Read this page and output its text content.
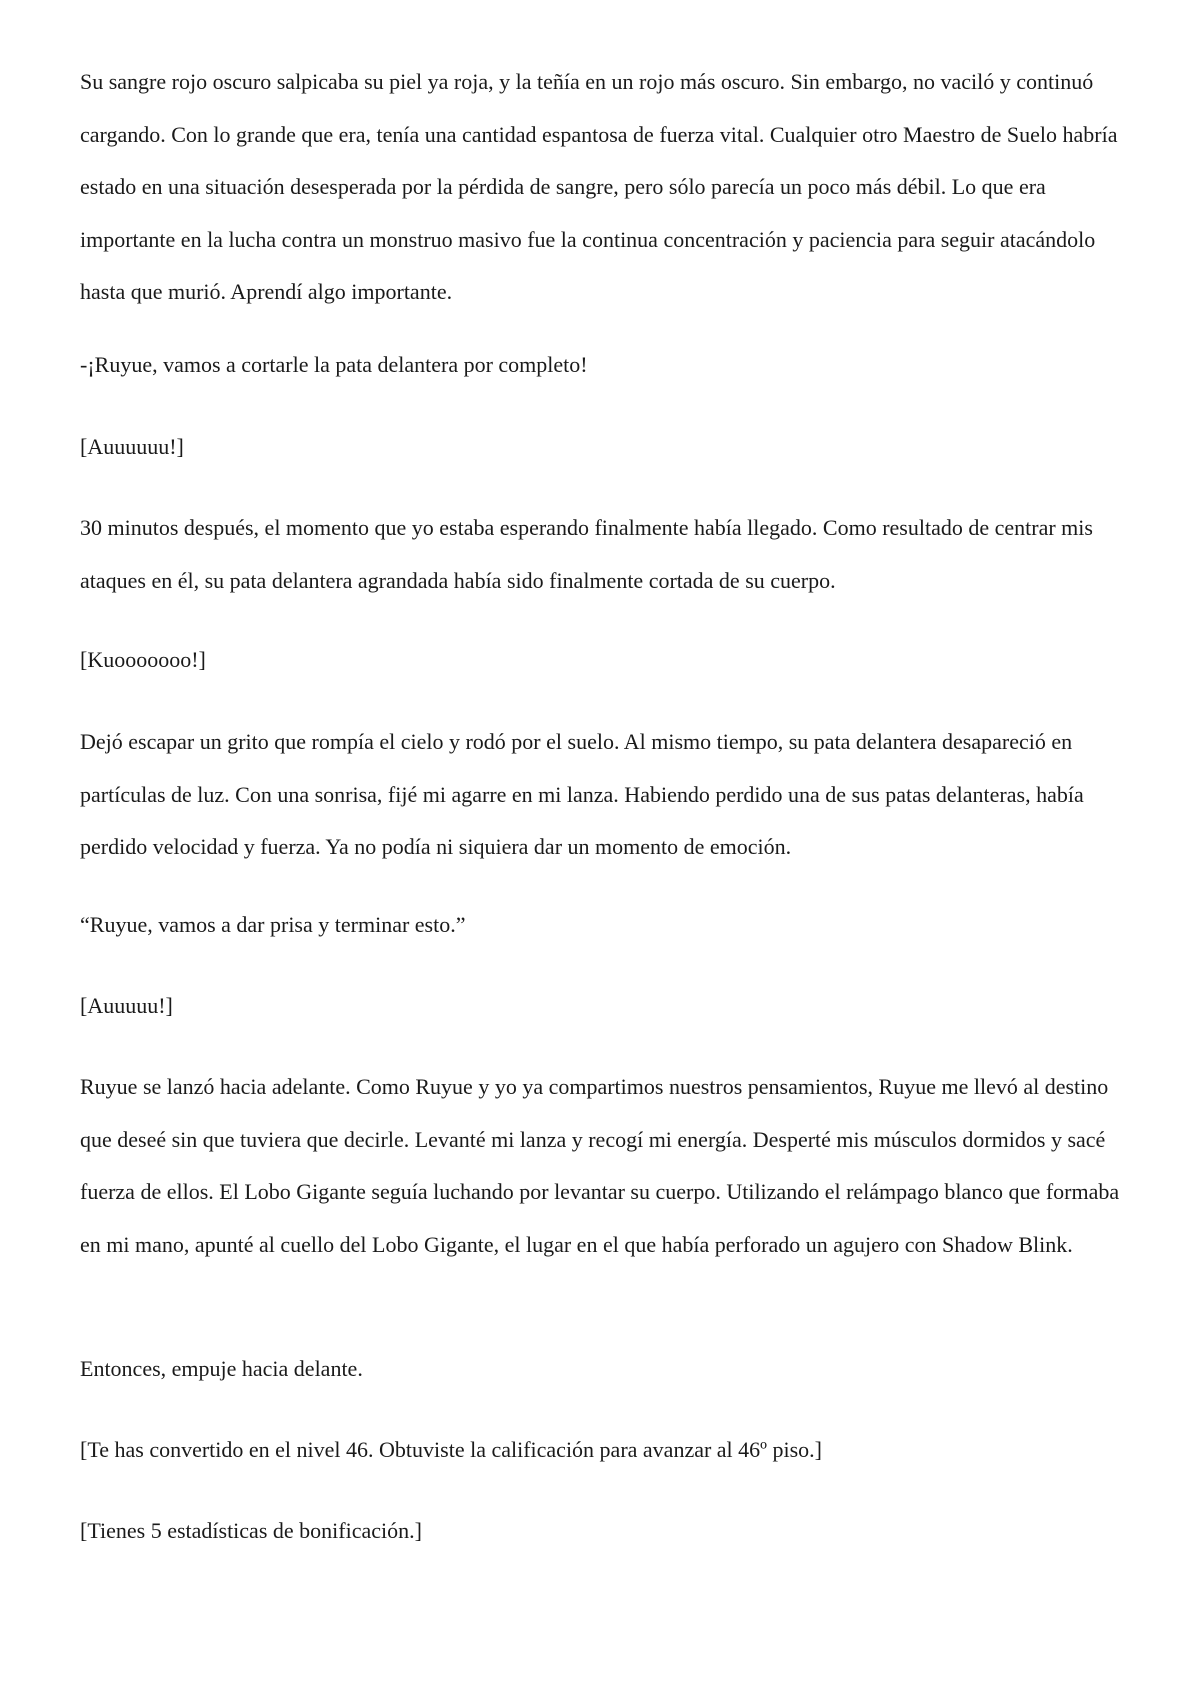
Su sangre rojo oscuro salpicaba su piel ya roja, y la teñía en un rojo más oscuro. Sin embargo, no vaciló y continuó cargando. Con lo grande que era, tenía una cantidad espantosa de fuerza vital. Cualquier otro Maestro de Suelo habría estado en una situación desesperada por la pérdida de sangre, pero sólo parecía un poco más débil. Lo que era importante en la lucha contra un monstruo masivo fue la continua concentración y paciencia para seguir atacándolo hasta que murió. Aprendí algo importante.

-¡Ruyue, vamos a cortarle la pata delantera por completo!

[Auuuuuu!]

30 minutos después, el momento que yo estaba esperando finalmente había llegado. Como resultado de centrar mis ataques en él, su pata delantera agrandada había sido finalmente cortada de su cuerpo.

[Kuooooooo!]

Dejó escapar un grito que rompía el cielo y rodó por el suelo. Al mismo tiempo, su pata delantera desapareció en partículas de luz. Con una sonrisa, fijé mi agarre en mi lanza. Habiendo perdido una de sus patas delanteras, había perdido velocidad y fuerza. Ya no podía ni siquiera dar un momento de emoción.

“Ruyue, vamos a dar prisa y terminar esto.”

[Auuuuu!]

Ruyue se lanzó hacia adelante. Como Ruyue y yo ya compartimos nuestros pensamientos, Ruyue me llevó al destino que deseé sin que tuviera que decirle. Levanté mi lanza y recogí mi energía. Desperté mis músculos dormidos y sacé fuerza de ellos. El Lobo Gigante seguía luchando por levantar su cuerpo. Utilizando el relámpago blanco que formaba en mi mano, apunté al cuello del Lobo Gigante, el lugar en el que había perforado un agujero con Shadow Blink.

Entonces, empuje hacia delante.

[Te has convertido en el nivel 46. Obtuviste la calificación para avanzar al 46º piso.]

[Tienes 5 estadísticas de bonificación.]
